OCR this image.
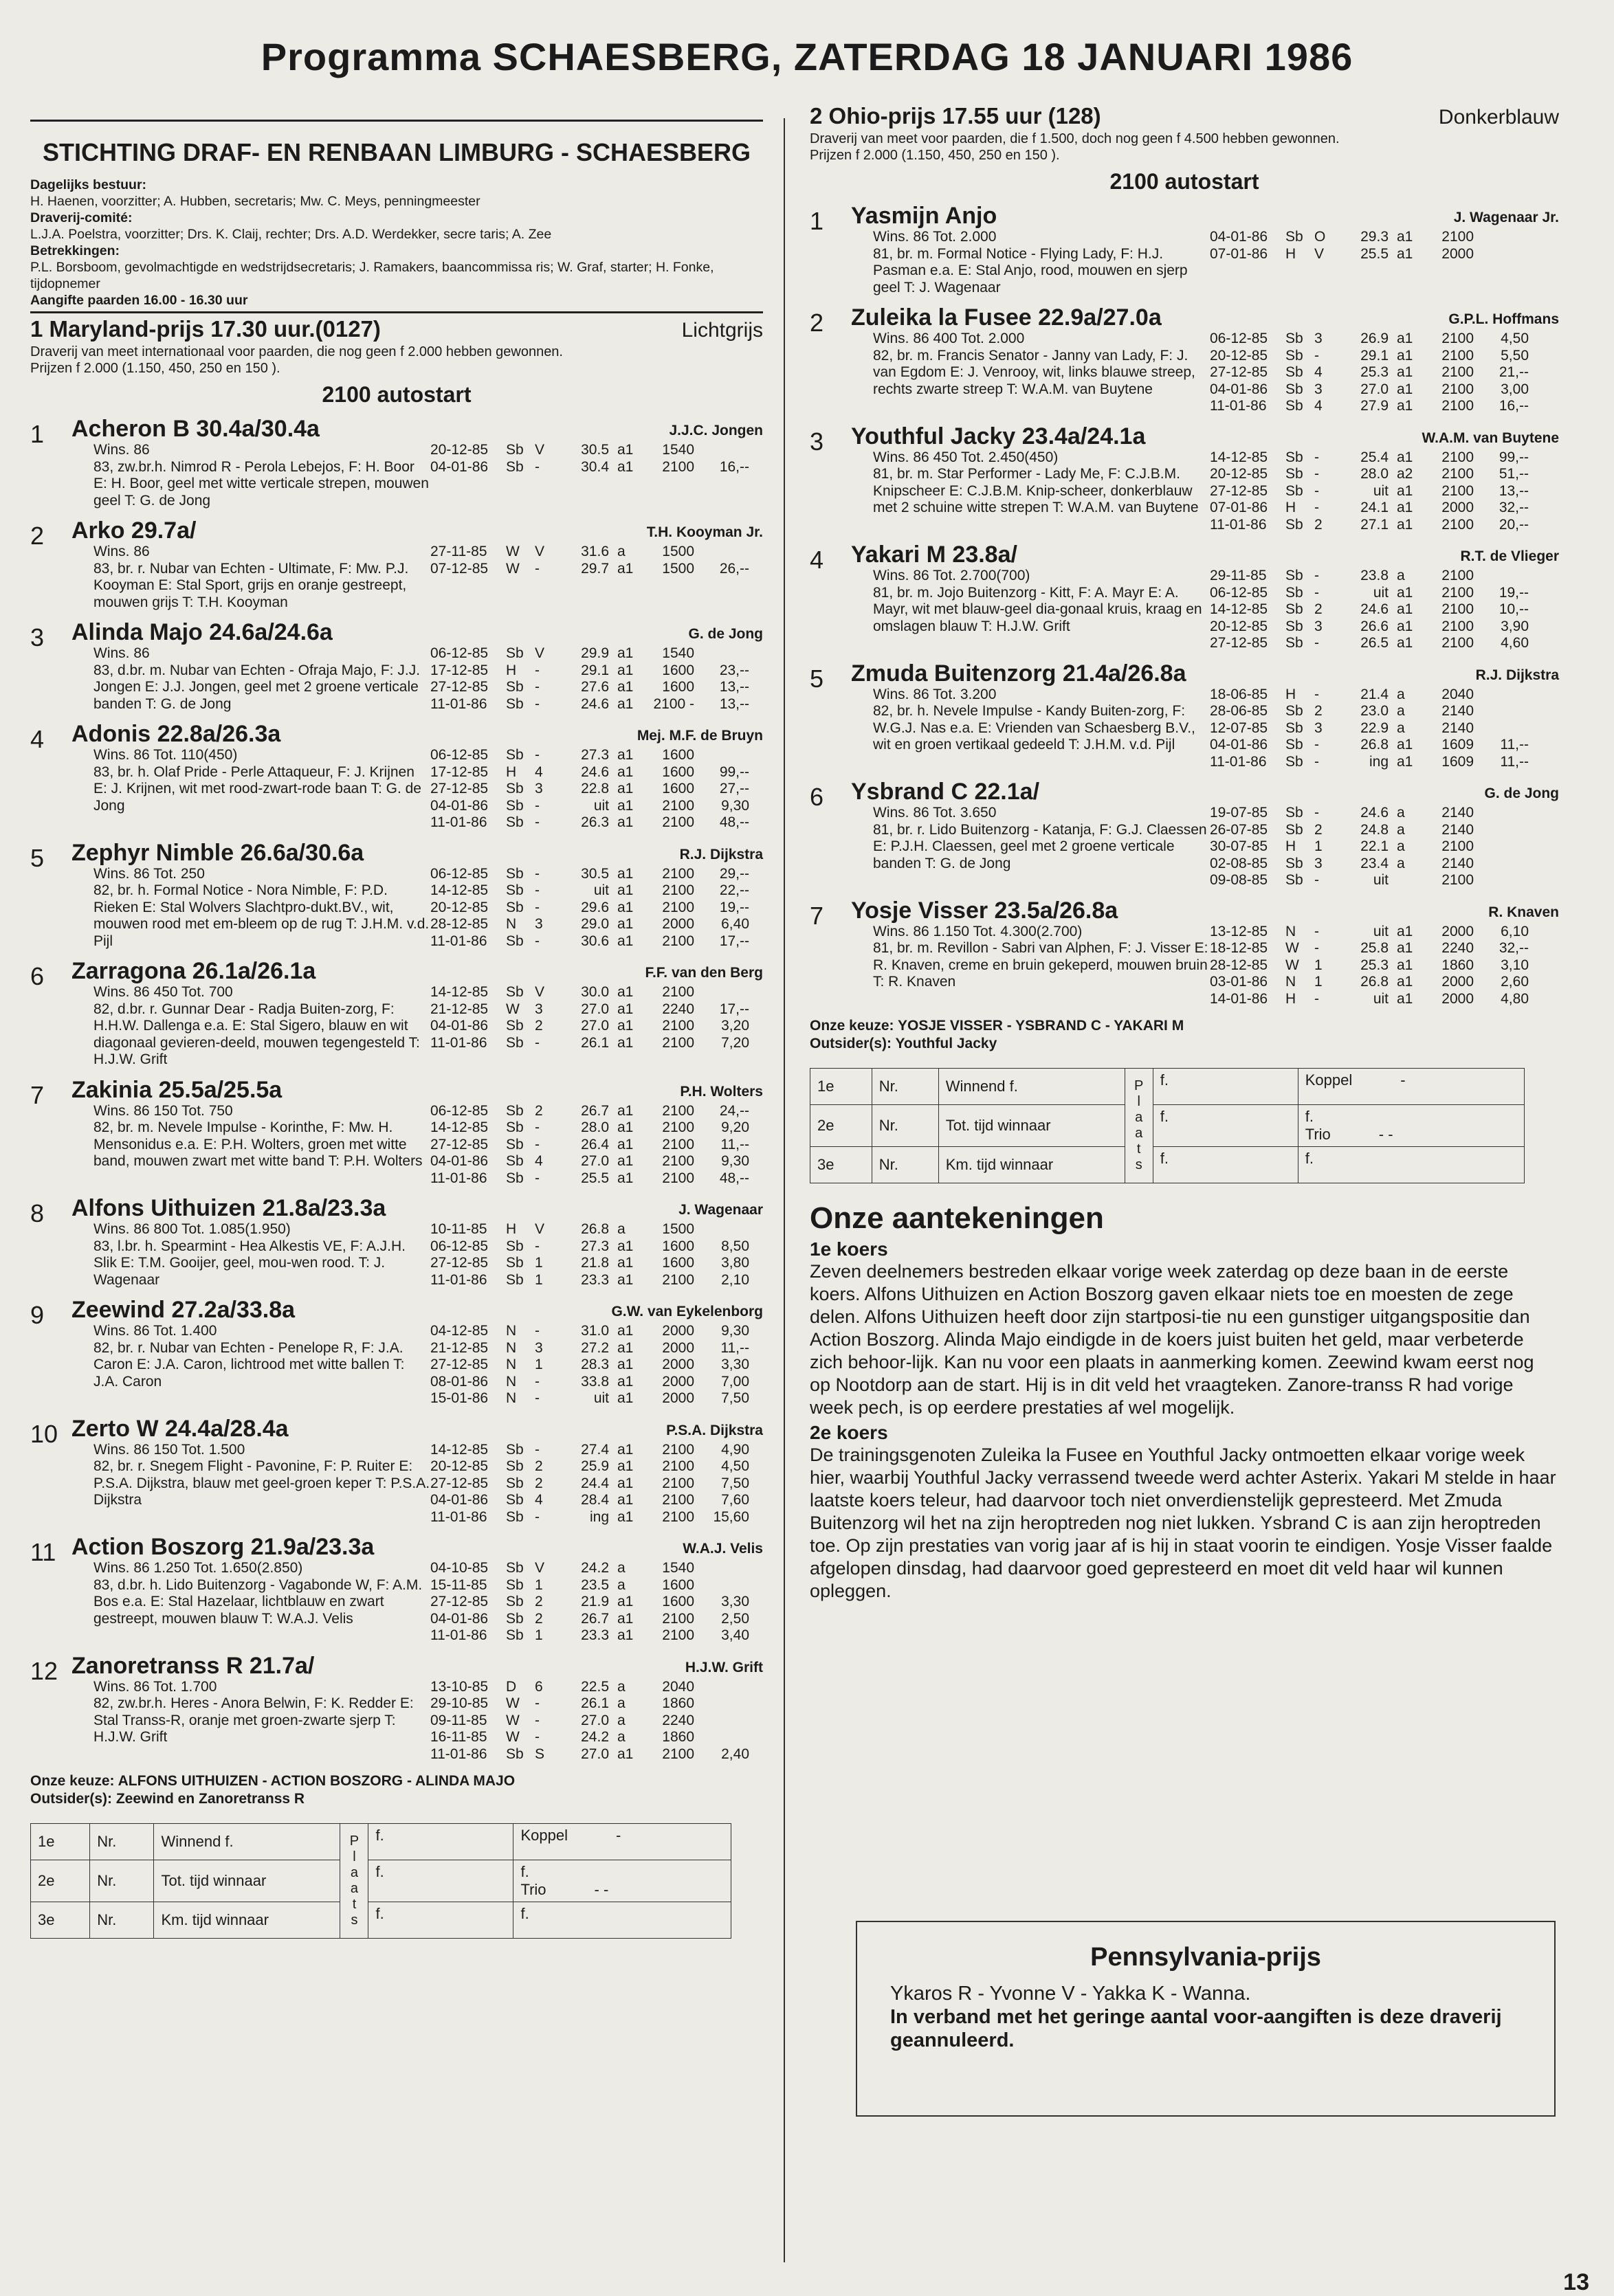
Programma SCHAESBERG, ZATERDAG 18 JANUARI 1986
STICHTING DRAF- EN RENBAAN LIMBURG - SCHAESBERG
Dagelijks bestuur:
H. Haenen, voorzitter; A. Hubben, secretaris; Mw. C. Meys, penningmeester
Draverij-comité:
L.J.A. Poelstra, voorzitter; Drs. K. Claij, rechter; Drs. A.D. Werdekker, secre taris; A. Zee
Betrekkingen:
P.L. Borsboom, gevolmachtigde en wedstrijdsecretaris; J. Ramakers, baancommissa ris; W. Graf, starter; H. Fonke, tijdopnemer
Aangifte paarden 16.00 - 16.30 uur
1 Maryland-prijs 17.30 uur.(0127)	Lichtgrijs
Draverij van meet internationaal voor paarden, die nog geen f 2.000 hebben gewonnen.
Prijzen f 2.000 (1.150, 450, 250 en 150 ).
2100 autostart
1	Acheron B 30.4a/30.4a	J.J.C. Jongen
Wins. 86
83, zw.br.h. Nimrod R - Perola Lebejos, F: H. Boor E: H. Boor, geel met witte verticale strepen, mouwen geel T: G. de Jong
20-12-85	Sb V	30.5 a1	1540
04-01-86	Sb -	30.4 a1	2100	16,--
2	Arko 29.7a/	T.H. Kooyman Jr.
Wins. 86
83, br. r. Nubar van Echten - Ultimate, F: Mw. P.J. Kooyman E: Stal Sport, grijs en oranje gestreept, mouwen grijs T: T.H. Kooyman
27-11-85	W	V	31.6 a	1500
07-12-85	W	-	29.7 a1	1500	26,--
3	Alinda Majo 24.6a/24.6a	G. de Jong
Wins. 86
83, d.br. m. Nubar van Echten - Ofraja Majo, F: J.J. Jongen E: J.J. Jongen, geel met 2 groene verticale banden T: G. de Jong
06-12-85	Sb V	29.9 a1	1540
17-12-85	H	-	29.1 a1	1600	23,--
27-12-85	Sb -	27.6 a1	1600	13,--
11-01-86	Sb -	24.6 a1	2100 -	13,--
4	Adonis 22.8a/26.3a	Mej. M.F. de Bruyn
Wins. 86 Tot. 110(450)
83, br. h. Olaf Pride - Perle Attaqueur, F: J. Krijnen E: J. Krijnen, wit met rood-zwart-rode baan T: G. de Jong
06-12-85	Sb -	27.3 a1	1600
17-12-85	H	4	24.6 a1	1600	99,--
27-12-85	Sb 3	22.8 a1	1600	27,--
04-01-86	Sb -	uit a1	2100	9,30
11-01-86	Sb -	26.3 a1	2100	48,--
5	Zephyr Nimble 26.6a/30.6a	R.J. Dijkstra
Wins. 86 Tot. 250
82, br. h. Formal Notice - Nora Nimble, F: P.D. Rieken E: Stal Wolvers Slachtpro-dukt.BV., wit, mouwen rood met em-bleem op de rug T: J.H.M. v.d. Pijl
06-12-85	Sb -	30.5 a1	2100	29,--
14-12-85	Sb -	uit a1	2100	22,--
20-12-85	Sb -	29.6 a1	2100	19,--
28-12-85	N	3	29.0 a1	2000	6,40
11-01-86	Sb -	30.6 a1	2100	17,--
6	Zarragona 26.1a/26.1a	F.F. van den Berg
Wins. 86 450 Tot. 700
82, d.br. r. Gunnar Dear - Radja Buiten-zorg, F: H.H.W. Dallenga e.a. E: Stal Sigero, blauw en wit diagonaal gevieren-deeld, mouwen tegengesteld T: H.J.W. Grift
14-12-85	Sb V	30.0 a1	2100
21-12-85	W	3	27.0 a1	2240	17,--
04-01-86	Sb 2	27.0 a1	2100	3,20
11-01-86	Sb -	26.1 a1	2100	7,20
7	Zakinia 25.5a/25.5a	P.H. Wolters
Wins. 86 150 Tot. 750
82, br. m. Nevele Impulse - Korinthe, F: Mw. H. Mensonidus e.a. E: P.H. Wolters, groen met witte band, mouwen zwart met witte band T: P.H. Wolters
06-12-85	Sb 2	26.7 a1	2100	24,--
14-12-85	Sb -	28.0 a1	2100	9,20
27-12-85	Sb -	26.4 a1	2100	11,--
04-01-86	Sb 4	27.0 a1	2100	9,30
11-01-86	Sb -	25.5 a1	2100	48,--
8	Alfons Uithuizen 21.8a/23.3a	J. Wagenaar
Wins. 86 800 Tot. 1.085(1.950)
83, l.br. h. Spearmint - Hea Alkestis VE, F: A.J.H. Slik E: T.M. Gooijer, geel, mou-wen rood. T: J. Wagenaar
10-11-85	H	V	26.8 a	1500
06-12-85	Sb -	27.3 a1	1600	8,50
27-12-85	Sb 1	21.8 a1	1600	3,80
11-01-86	Sb 1	23.3 a1	2100	2,10
9	Zeewind 27.2a/33.8a	G.W. van Eykelenborg
Wins. 86 Tot. 1.400
82, br. r. Nubar van Echten - Penelope R, F: J.A. Caron E: J.A. Caron, lichtrood met witte ballen T: J.A. Caron
04-12-85	N	-	31.0 a1	2000	9,30
21-12-85	N	3	27.2 a1	2000	11,--
27-12-85	N	1	28.3 a1	2000	3,30
08-01-86	N	-	33.8 a1	2000	7,00
15-01-86	N	-	uit a1	2000	7,50
10 Zerto W 24.4a/28.4a	P.S.A. Dijkstra
Wins. 86 150 Tot. 1.500
82, br. r. Snegem Flight - Pavonine, F: P. Ruiter E: P.S.A. Dijkstra, blauw met geel-groen keper T: P.S.A. Dijkstra
14-12-85	Sb -	27.4 a1	2100	4,90
20-12-85	Sb 2	25.9 a1	2100	4,50
27-12-85	Sb 2	24.4 a1	2100	7,50
04-01-86	Sb 4	28.4 a1	2100	7,60
11-01-86	Sb -	ing a1	2100	15,60
11 Action Boszorg 21.9a/23.3a	W.A.J. Velis
Wins. 86 1.250 Tot. 1.650(2.850)
83, d.br. h. Lido Buitenzorg - Vagabonde W, F: A.M. Bos e.a. E: Stal Hazelaar, lichtblauw en zwart gestreept, mouwen blauw T: W.A.J. Velis
04-10-85	Sb V	24.2 a	1540
15-11-85	Sb 1	23.5 a	1600
27-12-85	Sb 2	21.9 a1	1600	3,30
04-01-86	Sb 2	26.7 a1	2100	2,50
11-01-86	Sb 1	23.3 a1	2100	3,40
12 Zanoretranss R 21.7a/	H.J.W. Grift
Wins. 86 Tot. 1.700
82, zw.br.h. Heres - Anora Belwin, F: K. Redder E: Stal Transs-R, oranje met groen-zwarte sjerp T: H.J.W. Grift
13-10-85	D	6	22.5 a	2040
29-10-85	W	-	26.1 a	1860
09-11-85	W	-	27.0 a	2240
16-11-85	W	-	24.2 a	1860
11-01-86	Sb S	27.0 a1	2100	2,40
Onze keuze: ALFONS UITHUIZEN - ACTION BOSZORG - ALINDA MAJO
Outsider(s): Zeewind en Zanoretranss R
1e	Nr.	Winnend f.	P l a a t s	f.	Koppel -
2e	Nr.	Tot. tijd winnaar		f.	f.
Trio - -

3e	Nr.	Km. tijd winnaar		f.	f.
2 Ohio-prijs 17.55 uur (128)	Donkerblauw
Draverij van meet voor paarden, die f 1.500, doch nog geen f 4.500 hebben gewonnen.
Prijzen f 2.000 (1.150, 450, 250 en 150 ).
2100 autostart
1	Yasmijn Anjo	J. Wagenaar Jr.
Wins. 86 Tot. 2.000
81, br. m. Formal Notice - Flying Lady, F: H.J. Pasman e.a. E: Stal Anjo, rood, mouwen en sjerp geel T: J. Wagenaar
04-01-86	Sb O	29.3 a1	2100
07-01-86	H	V	25.5 a1	2000
2	Zuleika la Fusee 22.9a/27.0a	G.P.L. Hoffmans
Wins. 86 400 Tot. 2.000
82, br. m. Francis Senator - Janny van Lady, F: J. van Egdom E: J. Venrooy, wit, links blauwe streep, rechts zwarte streep T: W.A.M. van Buytene
06-12-85	Sb 3	26.9 a1	2100	4,50
20-12-85	Sb -	29.1 a1	2100	5,50
27-12-85	Sb 4	25.3 a1	2100	21,--
04-01-86	Sb 3	27.0 a1	2100	3,00
11-01-86	Sb 4	27.9 a1	2100	16,--
3	Youthful Jacky 23.4a/24.1a	W.A.M. van Buytene
Wins. 86 450 Tot. 2.450(450)
81, br. m. Star Performer - Lady Me, F: C.J.B.M. Knipscheer E: C.J.B.M. Knip-scheer, donkerblauw met 2 schuine witte strepen T: W.A.M. van Buytene
14-12-85	Sb -	25.4 a1	2100	99,--
20-12-85	Sb -	28.0 a2	2100	51,--
27-12-85	Sb -	uit a1	2100	13,--
07-01-86	H	-	24.1 a1	2000	32,--
11-01-86	Sb 2	27.1 a1	2100	20,--
4	Yakari M 23.8a/	R.T. de Vlieger
Wins. 86 Tot. 2.700(700)
81, br. m. Jojo Buitenzorg - Kitt, F: A. Mayr E: A. Mayr, wit met blauw-geel dia-gonaal kruis, kraag en omslagen blauw T: H.J.W. Grift
29-11-85	Sb -	23.8 a	2100
06-12-85	Sb -	uit a1	2100	19,--
14-12-85	Sb 2	24.6 a1	2100	10,--
20-12-85	Sb 3	26.6 a1	2100	3,90
27-12-85	Sb -	26.5 a1	2100	4,60
5	Zmuda Buitenzorg 21.4a/26.8a	R.J. Dijkstra
Wins. 86 Tot. 3.200
82, br. h. Nevele Impulse - Kandy Buiten-zorg, F: W.G.J. Nas e.a. E: Vrienden van Schaesberg B.V., wit en groen vertikaal gedeeld T: J.H.M. v.d. Pijl
18-06-85	H	-	21.4 a	2040
28-06-85	Sb 2	23.0 a	2140
12-07-85	Sb 3	22.9 a	2140
04-01-86	Sb -	26.8 a1	1609	11,--
11-01-86	Sb -	ing a1	1609	11,--
6	Ysbrand C 22.1a/	G. de Jong
Wins. 86 Tot. 3.650
81, br. r. Lido Buitenzorg - Katanja, F: G.J. Claessen E: P.J.H. Claessen, geel met 2 groene verticale banden T: G. de Jong
19-07-85	Sb -	24.6 a	2140
26-07-85	Sb 2	24.8 a	2140
30-07-85	H	1	22.1 a	2100
02-08-85	Sb 3	23.4 a	2140
09-08-85	Sb -	uit	2100
7	Yosje Visser 23.5a/26.8a	R. Knaven
Wins. 86 1.150 Tot. 4.300(2.700)
81, br. m. Revillon - Sabri van Alphen, F: J. Visser E: R. Knaven, creme en bruin gekeperd, mouwen bruin T: R. Knaven
13-12-85	N	-	uit a1	2000	6,10
18-12-85	W	-	25.8 a1	2240	32,--
28-12-85	W	1	25.3 a1	1860	3,10
03-01-86	N	1	26.8 a1	2000	2,60
14-01-86	H	-	uit a1	2000	4,80
Onze keuze: YOSJE VISSER - YSBRAND C - YAKARI M
Outsider(s): Youthful Jacky
1e	Nr.	Winnend f.	P l a a t s	f.	Koppel -
2e	Nr.	Tot. tijd winnaar		f.	f.
Trio - -

3e	Nr.	Km. tijd winnaar		f.	f.
Onze aantekeningen
1e koers
Zeven deelnemers bestreden elkaar vorige week zaterdag op deze baan in de eerste koers. Alfons Uithuizen en Action Boszorg gaven elkaar niets toe en moesten de zege delen. Alfons Uithuizen heeft door zijn startposi-tie nu een gunstiger uitgangspositie dan Action Boszorg. Alinda Majo eindigde in de koers juist buiten het geld, maar verbeterde zich behoor-lijk. Kan nu voor een plaats in aanmerking komen. Zeewind kwam eerst nog op Nootdorp aan de start. Hij is in dit veld het vraagteken. Zanore-transs R had vorige week pech, is op eerdere prestaties af wel mogelijk.
2e koers
De trainingsgenoten Zuleika la Fusee en Youthful Jacky ontmoetten elkaar vorige week hier, waarbij Youthful Jacky verrassend tweede werd achter Asterix. Yakari M stelde in haar laatste koers teleur, had daarvoor toch niet onverdienstelijk gepresteerd. Met Zmuda Buitenzorg wil het na zijn heroptreden nog niet lukken. Ysbrand C is aan zijn heroptreden toe. Op zijn prestaties van vorig jaar af is hij in staat voorin te eindigen. Yosje Visser faalde afgelopen dinsdag, had daarvoor goed gepresteerd en moet dit veld haar wil kunnen opleggen.
Pennsylvania-prijs
Ykaros R - Yvonne V - Yakka K - Wanna.
In verband met het geringe aantal voor-aangiften is deze draverij geannuleerd.
13
